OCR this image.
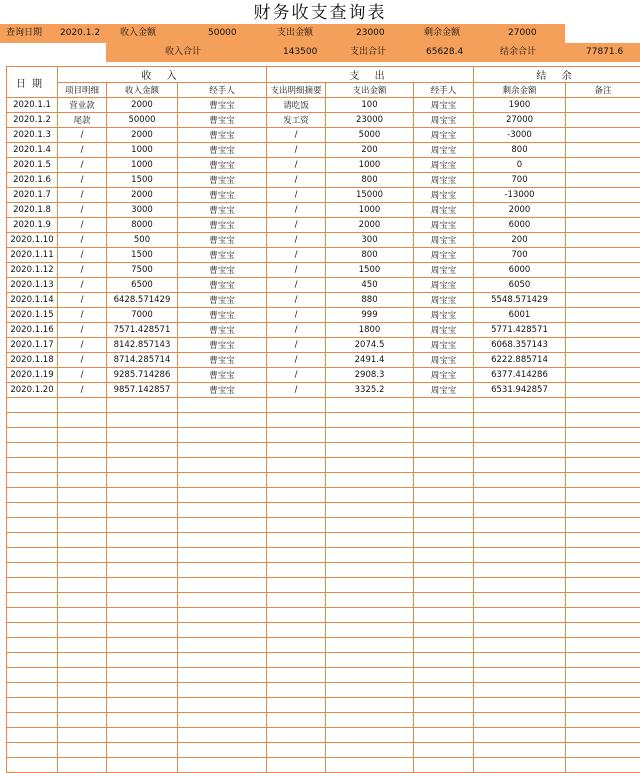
财务收支查询表
查询日期 2020.1.2 收入金额	50000	支出金额	23000	剩余金额	27000
收入合计	143500	支出合计	65628.4	结余合计	77871.6
日期	收 入			支 出			结 余	
	项目明细	收入金额	经手人	支出明细摘要	支出金额	经手人	剩余金额	备注
2020.1.1	营业款	2000	曹宝宝	请吃饭	100	周宝宝	1900	
2020.1.2	尾款	50000	曹宝宝	发工资	23000	周宝宝	27000	
2020.1.3	/	2000	曹宝宝	/	5000	周宝宝	-3000	
2020.1.4	/	1000	曹宝宝	/	200	周宝宝	800	
2020.1.5	/	1000	曹宝宝	/	1000	周宝宝	0	
2020.1.6	/	1500	曹宝宝	/	800	周宝宝	700	
2020.1.7	/	2000	曹宝宝	/	15000	周宝宝	-13000	
2020.1.8	/	3000	曹宝宝	/	1000	周宝宝	2000	
2020.1.9	/	8000	曹宝宝	/	2000	周宝宝	6000	
2020.1.10	/	500	曹宝宝	/	300	周宝宝	200	
2020.1.11	/	1500	曹宝宝	/	800	周宝宝	700	
2020.1.12	/	7500	曹宝宝	/	1500	周宝宝	6000	
2020.1.13	/	6500	曹宝宝	/	450	周宝宝	6050	
2020.1.14	/	6428.571429	曹宝宝	/	880	周宝宝	5548.571429	
2020.1.15	/	7000	曹宝宝	/	999	周宝宝	6001	
2020.1.16	/	7571.428571	曹宝宝	/	1800	周宝宝	5771.428571	
2020.1.17	/	8142.857143	曹宝宝	/	2074.5	周宝宝	6068.357143	
2020.1.18	/	8714.285714	曹宝宝	/	2491.4	周宝宝	6222.885714	
2020.1.19	/	9285.714286	曹宝宝	/	2908.3	周宝宝	6377.414286	
2020.1.20	/	9857.142857	曹宝宝	/	3325.2	周宝宝	6531.942857	
